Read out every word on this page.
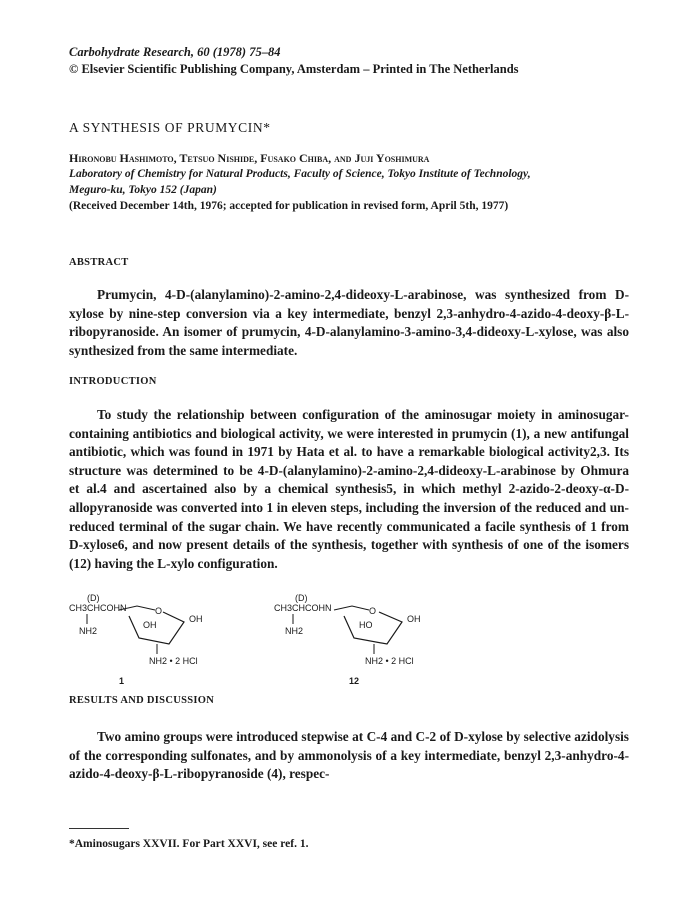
Carbohydrate Research, 60 (1978) 75–84
© Elsevier Scientific Publishing Company, Amsterdam – Printed in The Netherlands
A SYNTHESIS OF PRUMYCIN*
Hironobu Hashimoto, Tetsuo Nishide, Fusako Chiba, and Juji Yoshimura
Laboratory of Chemistry for Natural Products, Faculty of Science, Tokyo Institute of Technology,
Meguro-ku, Tokyo 152 (Japan)
(Received December 14th, 1976; accepted for publication in revised form, April 5th, 1977)
ABSTRACT

Prumycin, 4-D-(alanylamino)-2-amino-2,4-dideoxy-L-arabinose, was synthesized from D-xylose by nine-step conversion via a key intermediate, benzyl 2,3-anhydro-4-azido-4-deoxy-β-L-ribopyranoside. An isomer of prumycin, 4-D-alanylamino-3-amino-3,4-dideoxy-L-xylose, was also synthesized from the same intermediate.

INTRODUCTION

To study the relationship between configuration of the aminosugar moiety in aminosugar-containing antibiotics and biological activity, we were interested in prumycin (1), a new antifungal antibiotic, which was found in 1971 by Hata et al. to have a remarkable biological activity2,3. Its structure was determined to be 4-D-(alanylamino)-2-amino-2,4-dideoxy-L-arabinose by Ohmura et al.4 and ascertained also by a chemical synthesis5, in which methyl 2-azido-2-deoxy-α-D-allopyranoside was converted into 1 in eleven steps, including the inversion of the reduced and un-reduced terminal of the sugar chain. We have recently communicated a facile synthesis of 1 from D-xylose6, and now present details of the synthesis, together with synthesis of one of the isomers (12) having the L-xylo configuration.

(D)
CH3CHCOHN
NH2
O
OH
OH
NH2 • 2 HCl
1
(D)
CH3CHCOHN
NH2
O
HO
OH
NH2 • 2 HCl
12
RESULTS AND DISCUSSION

Two amino groups were introduced stepwise at C-4 and C-2 of D-xylose by selective azidolysis of the corresponding sulfonates, and by ammonolysis of a key intermediate, benzyl 2,3-anhydro-4-azido-4-deoxy-β-L-ribopyranoside (4), respec-

*Aminosugars XXVII. For Part XXVI, see ref. 1.
